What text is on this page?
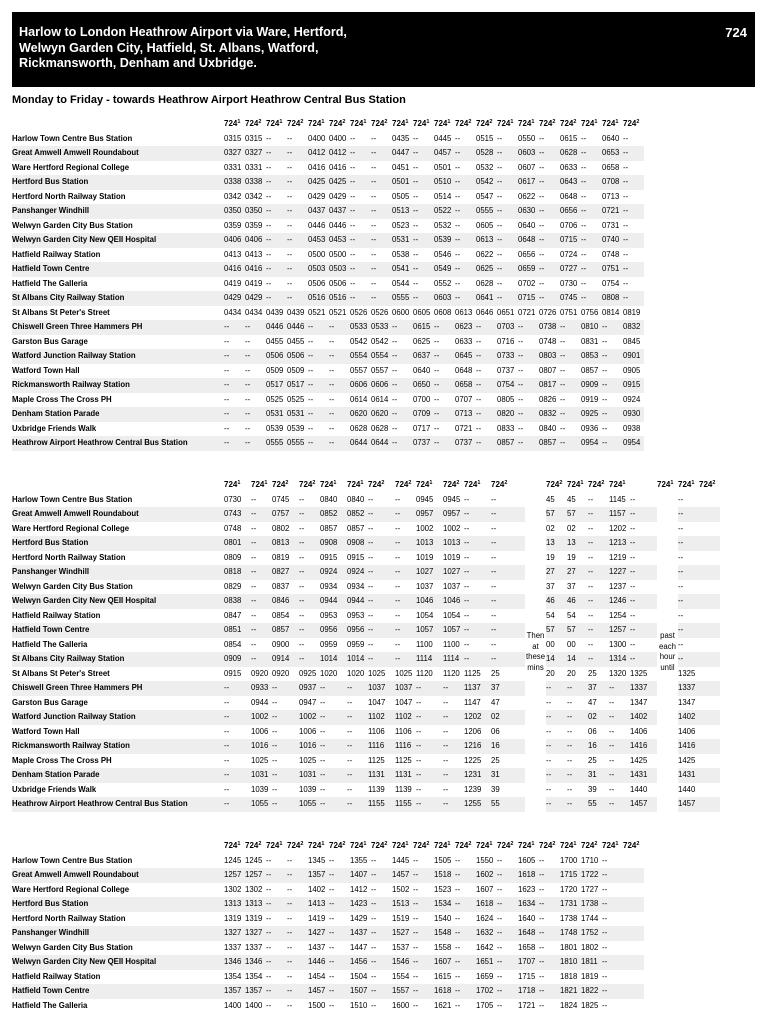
Harlow to London Heathrow Airport via Ware, Hertford,
Welwyn Garden City, Hatfield, St. Albans, Watford,
Rickmansworth, Denham and Uxbridge.
724
Monday to Friday - towards Heathrow Airport Heathrow Central Bus Station
	$724^1$	$724^2$	$724^1$	$724^2$	$724^1$	$724^2$	$724^1$	$724^2$	$724^1$	$724^1$	$724^1$	$724^2$	$724^2$	$724^1$	$724^1$	$724^2$	$724^2$	$724^1$	$724^1$	$724^2$
Harlow Town Centre Bus Station	0315	0315	--	--	0400	0400	--	--	0435	--	0445	--	0515	--	0550	--	0615	--	0640	--
Great Amwell Amwell Roundabout	0327	0327	--	--	0412	0412	--	--	0447	--	0457	--	0528	--	0603	--	0628	--	0653	--
Ware Hertford Regional College	0331	0331	--	--	0416	0416	--	--	0451	--	0501	--	0532	--	0607	--	0633	--	0658	--
Hertford Bus Station	0338	0338	--	--	0425	0425	--	--	0501	--	0510	--	0542	--	0617	--	0643	--	0708	--
Hertford North Railway Station	0342	0342	--	--	0429	0429	--	--	0505	--	0514	--	0547	--	0622	--	0648	--	0713	--
Panshanger Windhill	0350	0350	--	--	0437	0437	--	--	0513	--	0522	--	0555	--	0630	--	0656	--	0721	--
Welwyn Garden City Bus Station	0359	0359	--	--	0446	0446	--	--	0523	--	0532	--	0605	--	0640	--	0706	--	0731	--
Welwyn Garden City New QEII Hospital	0406	0406	--	--	0453	0453	--	--	0531	--	0539	--	0613	--	0648	--	0715	--	0740	--
Hatfield Railway Station	0413	0413	--	--	0500	0500	--	--	0538	--	0546	--	0622	--	0656	--	0724	--	0748	--
Hatfield Town Centre	0416	0416	--	--	0503	0503	--	--	0541	--	0549	--	0625	--	0659	--	0727	--	0751	--
Hatfield The Galleria	0419	0419	--	--	0506	0506	--	--	0544	--	0552	--	0628	--	0702	--	0730	--	0754	--
St Albans City Railway Station	0429	0429	--	--	0516	0516	--	--	0555	--	0603	--	0641	--	0715	--	0745	--	0808	--
St Albans St Peter's Street	0434	0434	0439	0439	0521	0521	0526	0526	0600	0605	0608	0613	0646	0651	0721	0726	0751	0756	0814	0819
Chiswell Green Three Hammers PH	--	--	0446	0446	--	--	0533	0533	--	0615	--	0623	--	0703	--	0738	--	0810	--	0832
Garston Bus Garage	--	--	0455	0455	--	--	0542	0542	--	0625	--	0633	--	0716	--	0748	--	0831	--	0845
Watford Junction Railway Station	--	--	0506	0506	--	--	0554	0554	--	0637	--	0645	--	0733	--	0803	--	0853	--	0901
Watford Town Hall	--	--	0509	0509	--	--	0557	0557	--	0640	--	0648	--	0737	--	0807	--	0857	--	0905
Rickmansworth Railway Station	--	--	0517	0517	--	--	0606	0606	--	0650	--	0658	--	0754	--	0817	--	0909	--	0915
Maple Cross The Cross PH	--	--	0525	0525	--	--	0614	0614	--	0700	--	0707	--	0805	--	0826	--	0919	--	0924
Denham Station Parade	--	--	0531	0531	--	--	0620	0620	--	0709	--	0713	--	0820	--	0832	--	0925	--	0930
Uxbridge Friends Walk	--	--	0539	0539	--	--	0628	0628	--	0717	--	0721	--	0833	--	0840	--	0936	--	0938
Heathrow Airport Heathrow Central Bus Station	--	--	0555	0555	--	--	0644	0644	--	0737	--	0737	--	0857	--	0857	--	0954	--	0954
	$724^1$	$724^1$	$724^2$	$724^2$	$724^1$	$724^1$	$724^2$	$724^2$	$724^1$	$724^2$	$724^1$	$724^2$		$724^2$	$724^1$	$724^2$	$724^1$		$724^1$	$724^1$	$724^2$
Harlow Town Centre Bus Station	0730	--	0745	--	0840	0840	--	--	0945	0945	--	--	Then at these mins	45	45	--	1145	--	past each hour until	--	
Great Amwell Amwell Roundabout	0743	--	0757	--	0852	0852	--	--	0957	0957	--	--		57	57	--	1157	--		--	
Ware Hertford Regional College	0748	--	0802	--	0857	0857	--	--	1002	1002	--	--		02	02	--	1202	--		--	
Hertford Bus Station	0801	--	0813	--	0908	0908	--	--	1013	1013	--	--		13	13	--	1213	--		--	
Hertford North Railway Station	0809	--	0819	--	0915	0915	--	--	1019	1019	--	--		19	19	--	1219	--		--	
Panshanger Windhill	0818	--	0827	--	0924	0924	--	--	1027	1027	--	--		27	27	--	1227	--		--	
Welwyn Garden City Bus Station	0829	--	0837	--	0934	0934	--	--	1037	1037	--	--		37	37	--	1237	--		--	
Welwyn Garden City New QEII Hospital	0838	--	0846	--	0944	0944	--	--	1046	1046	--	--		46	46	--	1246	--		--	
Hatfield Railway Station	0847	--	0854	--	0953	0953	--	--	1054	1054	--	--		54	54	--	1254	--		--	
Hatfield Town Centre	0851	--	0857	--	0956	0956	--	--	1057	1057	--	--		57	57	--	1257	--		--	
Hatfield The Galleria	0854	--	0900	--	0959	0959	--	--	1100	1100	--	--		00	00	--	1300	--		--	
St Albans City Railway Station	0909	--	0914	--	1014	1014	--	--	1114	1114	--	--		14	14	--	1314	--		--	
St Albans St Peter's Street	0915	0920	0920	0925	1020	1020	1025	1025	1120	1120	1125	25		20	20	25	1320	1325		1325	
Chiswell Green Three Hammers PH	--	0933	--	0937	--	--	1037	1037	--	--	1137	37		--	--	37	--	1337		1337	
Garston Bus Garage	--	0944	--	0947	--	--	1047	1047	--	--	1147	47		--	--	47	--	1347		1347	
Watford Junction Railway Station	--	1002	--	1002	--	--	1102	1102	--	--	1202	02		--	--	02	--	1402		1402	
Watford Town Hall	--	1006	--	1006	--	--	1106	1106	--	--	1206	06		--	--	06	--	1406		1406	
Rickmansworth Railway Station	--	1016	--	1016	--	--	1116	1116	--	--	1216	16		--	--	16	--	1416		1416	
Maple Cross The Cross PH	--	1025	--	1025	--	--	1125	1125	--	--	1225	25		--	--	25	--	1425		1425	
Denham Station Parade	--	1031	--	1031	--	--	1131	1131	--	--	1231	31		--	--	31	--	1431		1431	
Uxbridge Friends Walk	--	1039	--	1039	--	--	1139	1139	--	--	1239	39		--	--	39	--	1440		1440	
Heathrow Airport Heathrow Central Bus Station	--	1055	--	1055	--	--	1155	1155	--	--	1255	55		--	--	55	--	1457		1457	
	$724^1$	$724^2$	$724^1$	$724^2$	$724^1$	$724^2$	$724^1$	$724^2$	$724^1$	$724^2$	$724^1$	$724^2$	$724^1$	$724^2$	$724^1$	$724^2$	$724^1$	$724^2$	$724^1$	$724^2$
Harlow Town Centre Bus Station	1245	1245	--	--	1345	--	1355	--	1445	--	1505	--	1550	--	1605	--	1700	1710	--	
Great Amwell Amwell Roundabout	1257	1257	--	--	1357	--	1407	--	1457	--	1518	--	1602	--	1618	--	1715	1722	--	
Ware Hertford Regional College	1302	1302	--	--	1402	--	1412	--	1502	--	1523	--	1607	--	1623	--	1720	1727	--	
Hertford Bus Station	1313	1313	--	--	1413	--	1423	--	1513	--	1534	--	1618	--	1634	--	1731	1738	--	
Hertford North Railway Station	1319	1319	--	--	1419	--	1429	--	1519	--	1540	--	1624	--	1640	--	1738	1744	--	
Panshanger Windhill	1327	1327	--	--	1427	--	1437	--	1527	--	1548	--	1632	--	1648	--	1748	1752	--	
Welwyn Garden City Bus Station	1337	1337	--	--	1437	--	1447	--	1537	--	1558	--	1642	--	1658	--	1801	1802	--	
Welwyn Garden City New QEII Hospital	1346	1346	--	--	1446	--	1456	--	1546	--	1607	--	1651	--	1707	--	1810	1811	--	
Hatfield Railway Station	1354	1354	--	--	1454	--	1504	--	1554	--	1615	--	1659	--	1715	--	1818	1819	--	
Hatfield Town Centre	1357	1357	--	--	1457	--	1507	--	1557	--	1618	--	1702	--	1718	--	1821	1822	--	
Hatfield The Galleria	1400	1400	--	--	1500	--	1510	--	1600	--	1621	--	1705	--	1721	--	1824	1825	--	
